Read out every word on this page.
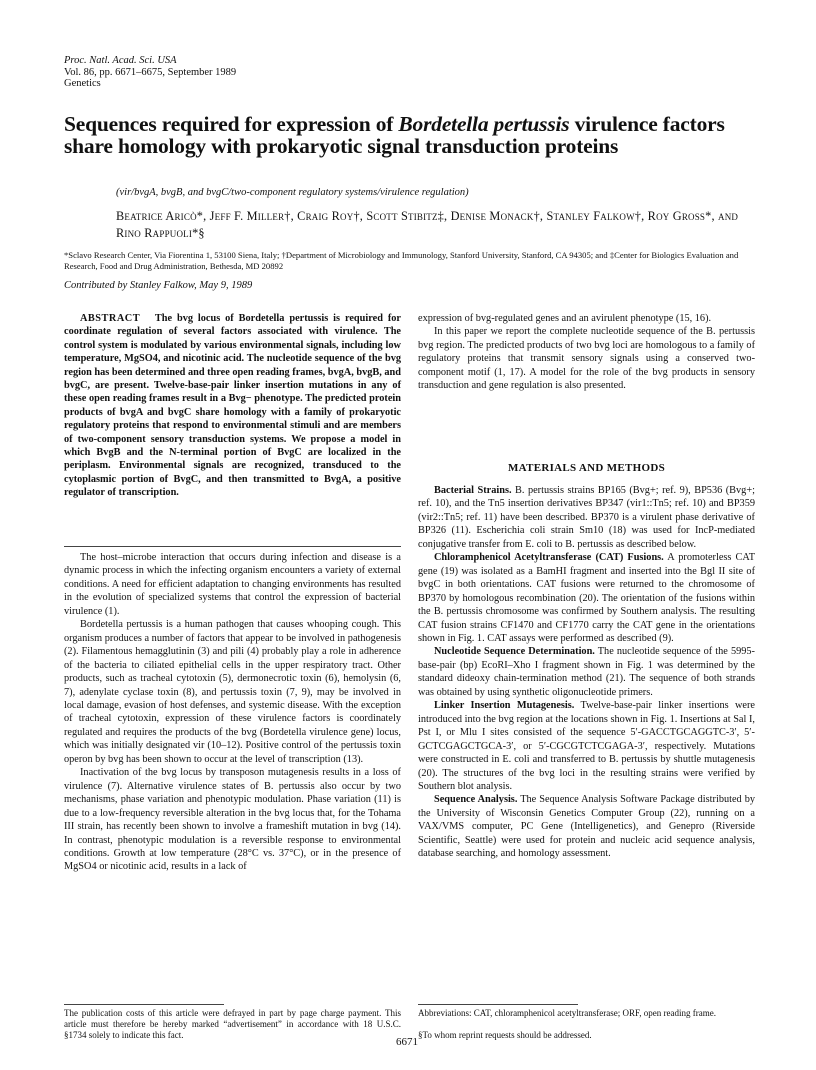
Proc. Natl. Acad. Sci. USA
Vol. 86, pp. 6671–6675, September 1989
Genetics
Sequences required for expression of Bordetella pertussis virulence factors share homology with prokaryotic signal transduction proteins
(vir/bvgA, bvgB, and bvgC/two-component regulatory systems/virulence regulation)
Beatrice Aricò*, Jeff F. Miller†, Craig Roy†, Scott Stibitz‡, Denise Monack†, Stanley Falkow†, Roy Gross*, and Rino Rappuoli*§
*Sclavo Research Center, Via Fiorentina 1, 53100 Siena, Italy; †Department of Microbiology and Immunology, Stanford University, Stanford, CA 94305; and ‡Center for Biologics Evaluation and Research, Food and Drug Administration, Bethesda, MD 20892
Contributed by Stanley Falkow, May 9, 1989
ABSTRACT The bvg locus of Bordetella pertussis is required for coordinate regulation of several factors associated with virulence. The control system is modulated by various environmental signals, including low temperature, MgSO4, and nicotinic acid. The nucleotide sequence of the bvg region has been determined and three open reading frames, bvgA, bvgB, and bvgC, are present. Twelve-base-pair linker insertion mutations in any of these open reading frames result in a Bvg− phenotype. The predicted protein products of bvgA and bvgC share homology with a family of prokaryotic regulatory proteins that respond to environmental stimuli and are members of two-component sensory transduction systems. We propose a model in which BvgB and the N-terminal portion of BvgC are localized in the periplasm. Environmental signals are recognized, transduced to the cytoplasmic portion of BvgC, and then transmitted to BvgA, a positive regulator of transcription.

The host–microbe interaction that occurs during infection and disease is a dynamic process in which the infecting organism encounters a variety of external conditions. A need for efficient adaptation to changing environments has resulted in the evolution of specialized systems that control the expression of bacterial virulence (1).

Bordetella pertussis is a human pathogen that causes whooping cough. This organism produces a number of factors that appear to be involved in pathogenesis (2). Filamentous hemagglutinin (3) and pili (4) probably play a role in adherence of the bacteria to ciliated epithelial cells in the upper respiratory tract. Other products, such as tracheal cytotoxin (5), dermonecrotic toxin (6), hemolysin (6, 7), adenylate cyclase toxin (8), and pertussis toxin (7, 9), may be involved in local damage, evasion of host defenses, and systemic disease. With the exception of tracheal cytotoxin, expression of these virulence factors is coordinately regulated and requires the products of the bvg (Bordetella virulence gene) locus, which was initially designated vir (10–12). Positive control of the pertussis toxin operon by bvg has been shown to occur at the level of transcription (13).

Inactivation of the bvg locus by transposon mutagenesis results in a loss of virulence (7). Alternative virulence states of B. pertussis also occur by two mechanisms, phase variation and phenotypic modulation. Phase variation (11) is due to a low-frequency reversible alteration in the bvg locus that, for the Tohama III strain, has recently been shown to involve a frameshift mutation in bvg (14). In contrast, phenotypic modulation is a reversible response to environmental conditions. Growth at low temperature (28°C vs. 37°C), or in the presence of MgSO4 or nicotinic acid, results in a lack of

expression of bvg-regulated genes and an avirulent phenotype (15, 16).

In this paper we report the complete nucleotide sequence of the B. pertussis bvg region. The predicted products of two bvg loci are homologous to a family of regulatory proteins that transmit sensory signals using a conserved two-component motif (1, 17). A model for the role of the bvg products in sensory transduction and gene regulation is also presented.

MATERIALS AND METHODS

Bacterial Strains. B. pertussis strains BP165 (Bvg+; ref. 9), BP536 (Bvg+; ref. 10), and the Tn5 insertion derivatives BP347 (vir1::Tn5; ref. 10) and BP359 (vir2::Tn5; ref. 11) have been described. BP370 is a virulent phase derivative of BP326 (11). Escherichia coli strain Sm10 (18) was used for IncP-mediated conjugative transfer from E. coli to B. pertussis as described below.

Chloramphenicol Acetyltransferase (CAT) Fusions. A promoterless CAT gene (19) was isolated as a BamHI fragment and inserted into the Bgl II site of bvgC in both orientations. CAT fusions were returned to the chromosome of BP370 by homologous recombination (20). The orientation of the fusions within the B. pertussis chromosome was confirmed by Southern analysis. The resulting CAT fusion strains CF1470 and CF1770 carry the CAT gene in the orientations shown in Fig. 1. CAT assays were performed as described (9).

Nucleotide Sequence Determination. The nucleotide sequence of the 5995-base-pair (bp) EcoRI–Xho I fragment shown in Fig. 1 was determined by the standard dideoxy chain-termination method (21). The sequence of both strands was obtained by using synthetic oligonucleotide primers.

Linker Insertion Mutagenesis. Twelve-base-pair linker insertions were introduced into the bvg region at the locations shown in Fig. 1. Insertions at Sal I, Pst I, or Mlu I sites consisted of the sequence 5′-GACCTGCAGGTC-3′, 5′-GCTCGAGCTGCA-3′, or 5′-CGCGTCTCGAGA-3′, respectively. Mutations were constructed in E. coli and transferred to B. pertussis by shuttle mutagenesis (20). The structures of the bvg loci in the resulting strains were verified by Southern blot analysis.

Sequence Analysis. The Sequence Analysis Software Package distributed by the University of Wisconsin Genetics Computer Group (22), running on a VAX/VMS computer, PC Gene (Intelligenetics), and Genepro (Riverside Scientific, Seattle) were used for protein and nucleic acid sequence analysis, database searching, and homology assessment.

The publication costs of this article were defrayed in part by page charge payment. This article must therefore be hereby marked “advertisement” in accordance with 18 U.S.C. §1734 solely to indicate this fact.
Abbreviations: CAT, chloramphenicol acetyltransferase; ORF, open reading frame.
§To whom reprint requests should be addressed.
6671
